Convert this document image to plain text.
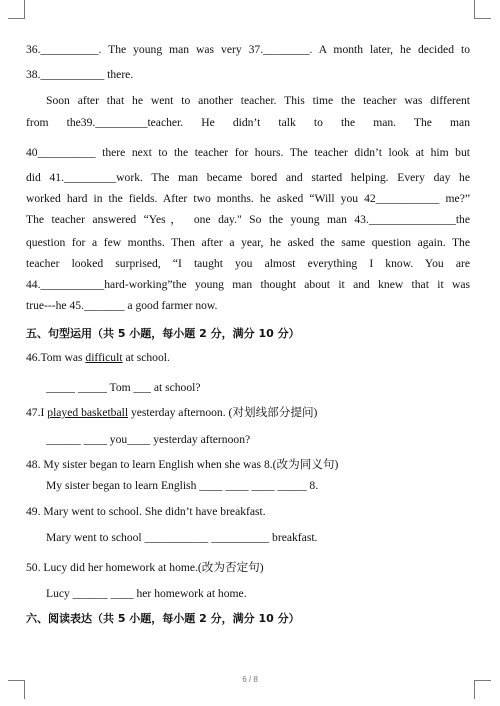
36.__________. The young man was very 37.________. A month later, he decided to
38.___________ there.
Soon after that he went to another teacher. This time the teacher was different
from the39._________teacher. He didn’t talk to the man. The man
40__________ there next to the teacher for hours. The teacher didn’t look at him but
did 41._________work. The man became bored and started helping. Every day he
worked hard in the fields. After two months. he asked “Will you 42___________ me?”
The teacher answered “Yes， one day." So the young man 43._______________the
question for a few months. Then after a year, he asked the same question again. The
teacher looked surprised, “I taught you almost everything I know. You are
44.___________hard-working”the young man thought about it and knew that it was
true---he 45._______ a good farmer now.
五、句型运用（共 5 小题，每小题 2 分，满分 10 分）
46.Tom was difficult at school.
_____ _____ Tom ___ at school?
47.I played basketball yesterday afternoon. (对划线部分提问)
______ ____ you____ yesterday afternoon?
48. My sister began to learn English when she was 8.(改为同义句)
My sister began to learn English ____ ____ ____ _____ 8.
49. Mary went to school. She didn’t have breakfast.
Mary went to school ___________ __________ breakfast.
50. Lucy did her homework at home.(改为否定句)
Lucy ______ ____ her homework at home.
六、阅读表达（共 5 小题，每小题 2 分，满分 10 分）
6 / 8
